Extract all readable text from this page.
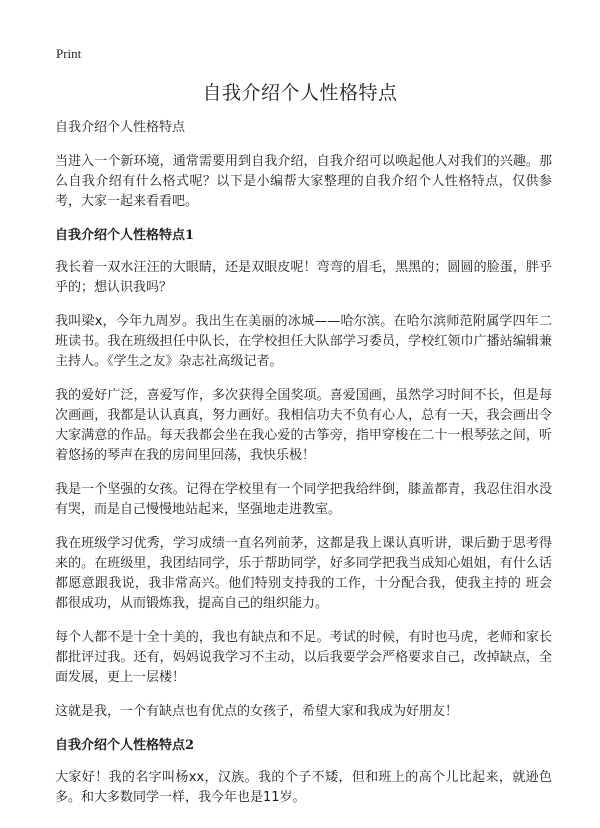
Print
自我介绍个人性格特点

自我介绍个人性格特点

当进入一个新环境，通常需要用到自我介绍，自我介绍可以唤起他人对我们的兴趣。那么自我介绍有什么格式呢？以下是小编帮大家整理的自我介绍个人性格特点，仅供参考，大家一起来看看吧。

自我介绍个人性格特点1

我长着一双水汪汪的大眼睛，还是双眼皮呢！弯弯的眉毛，黑黑的；圆圆的脸蛋，胖乎乎的；想认识我吗？

我叫梁x，今年九周岁。我出生在美丽的冰城——哈尔滨。在哈尔滨师范附属学四年二班读书。我在班级担任中队长，在学校担任大队部学习委员，学校红领巾广播站编辑兼主持人。《学生之友》杂志社高级记者。

我的爱好广泛，喜爱写作，多次获得全国奖项。喜爱国画，虽然学习时间不长，但是每次画画，我都是认认真真，努力画好。我相信功夫不负有心人，总有一天，我会画出令大家满意的作品。每天我都会坐在我心爱的古筝旁，指甲穿梭在二十一根琴弦之间，听着悠扬的琴声在我的房间里回荡，我快乐极！

我是一个坚强的女孩。记得在学校里有一个同学把我给绊倒，膝盖都青，我忍住泪水没有哭，而是自己慢慢地站起来，坚强地走进教室。

我在班级学习优秀，学习成绩一直名列前茅，这都是我上课认真听讲，课后勤于思考得来的。在班级里，我团结同学，乐于帮助同学，好多同学把我当成知心姐姐，有什么话都愿意跟我说，我非常高兴。他们特别支持我的工作，十分配合我，使我主持的 班会都很成功，从而锻炼我，提高自己的组织能力。

每个人都不是十全十美的，我也有缺点和不足。考试的时候，有时也马虎，老师和家长都批评过我。还有，妈妈说我学习不主动，以后我要学会严格要求自己，改掉缺点，全面发展，更上一层楼！

这就是我，一个有缺点也有优点的女孩子，希望大家和我成为好朋友！

自我介绍个人性格特点2

大家好！我的名字叫杨xx，汉族。我的个子不矮，但和班上的高个儿比起来，就逊色多。和大多数同学一样，我今年也是11岁。
